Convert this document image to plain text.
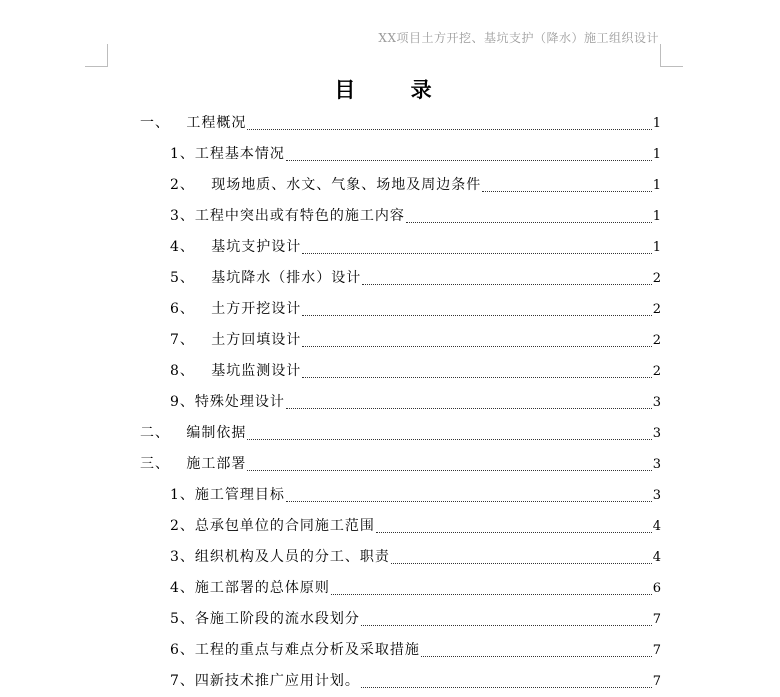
XX项目土方开挖、基坑支护（降水）施工组织设计
目 录
一、   工程概况	1
1、工程基本情况	1
2、   现场地质、水文、气象、场地及周边条件	1
3、工程中突出或有特色的施工内容	1
4、   基坑支护设计	1
5、   基坑降水（排水）设计	2
6、   土方开挖设计	2
7、   土方回填设计	2
8、   基坑监测设计	2
9、特殊处理设计	3
二、   编制依据	3
三、   施工部署	3
1、施工管理目标	3
2、总承包单位的合同施工范围	4
3、组织机构及人员的分工、职责	4
4、施工部署的总体原则	6
5、各施工阶段的流水段划分	7
6、工程的重点与难点分析及采取措施	7
7、四新技术推广应用计划。	7
